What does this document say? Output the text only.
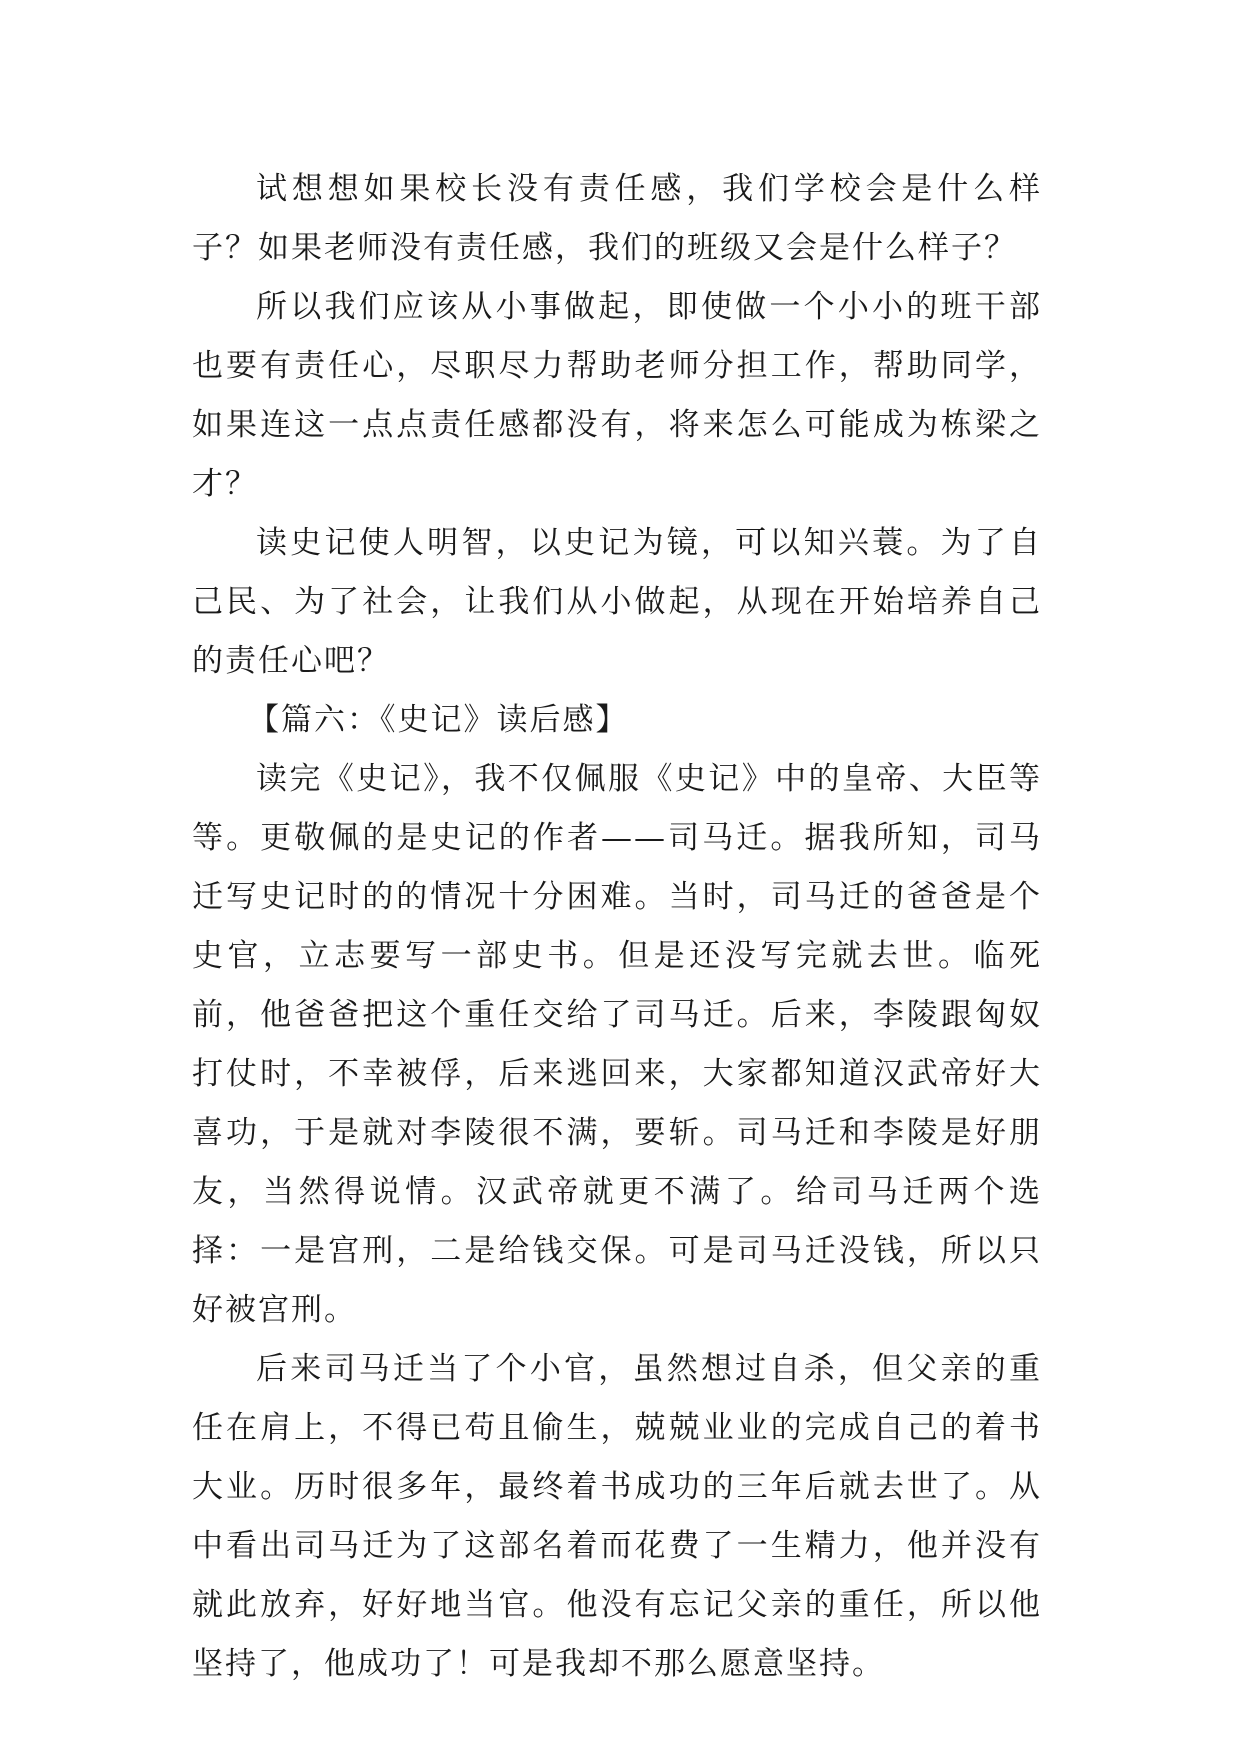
试想想如果校长没有责任感，我们学校会是什么样子？如果老师没有责任感，我们的班级又会是什么样子？

所以我们应该从小事做起，即使做一个小小的班干部也要有责任心，尽职尽力帮助老师分担工作，帮助同学，如果连这一点点责任感都没有，将来怎么可能成为栋梁之才？

读史记使人明智，以史记为镜，可以知兴蓑。为了自己民、为了社会，让我们从小做起，从现在开始培养自己的责任心吧？

【篇六：《史记》读后感】

读完《史记》，我不仅佩服《史记》中的皇帝、大臣等等。更敬佩的是史记的作者——司马迁。据我所知，司马迁写史记时的的情况十分困难。当时，司马迁的爸爸是个史官，立志要写一部史书。但是还没写完就去世。临死前，他爸爸把这个重任交给了司马迁。后来，李陵跟匈奴打仗时，不幸被俘，后来逃回来，大家都知道汉武帝好大喜功，于是就对李陵很不满，要斩。司马迁和李陵是好朋友，当然得说情。汉武帝就更不满了。给司马迁两个选择：一是宫刑，二是给钱交保。可是司马迁没钱，所以只好被宫刑。

后来司马迁当了个小官，虽然想过自杀，但父亲的重任在肩上，不得已苟且偷生，兢兢业业的完成自己的着书大业。历时很多年，最终着书成功的三年后就去世了。从中看出司马迁为了这部名着而花费了一生精力，他并没有就此放弃，好好地当官。他没有忘记父亲的重任，所以他坚持了，他成功了！可是我却不那么愿意坚持。
